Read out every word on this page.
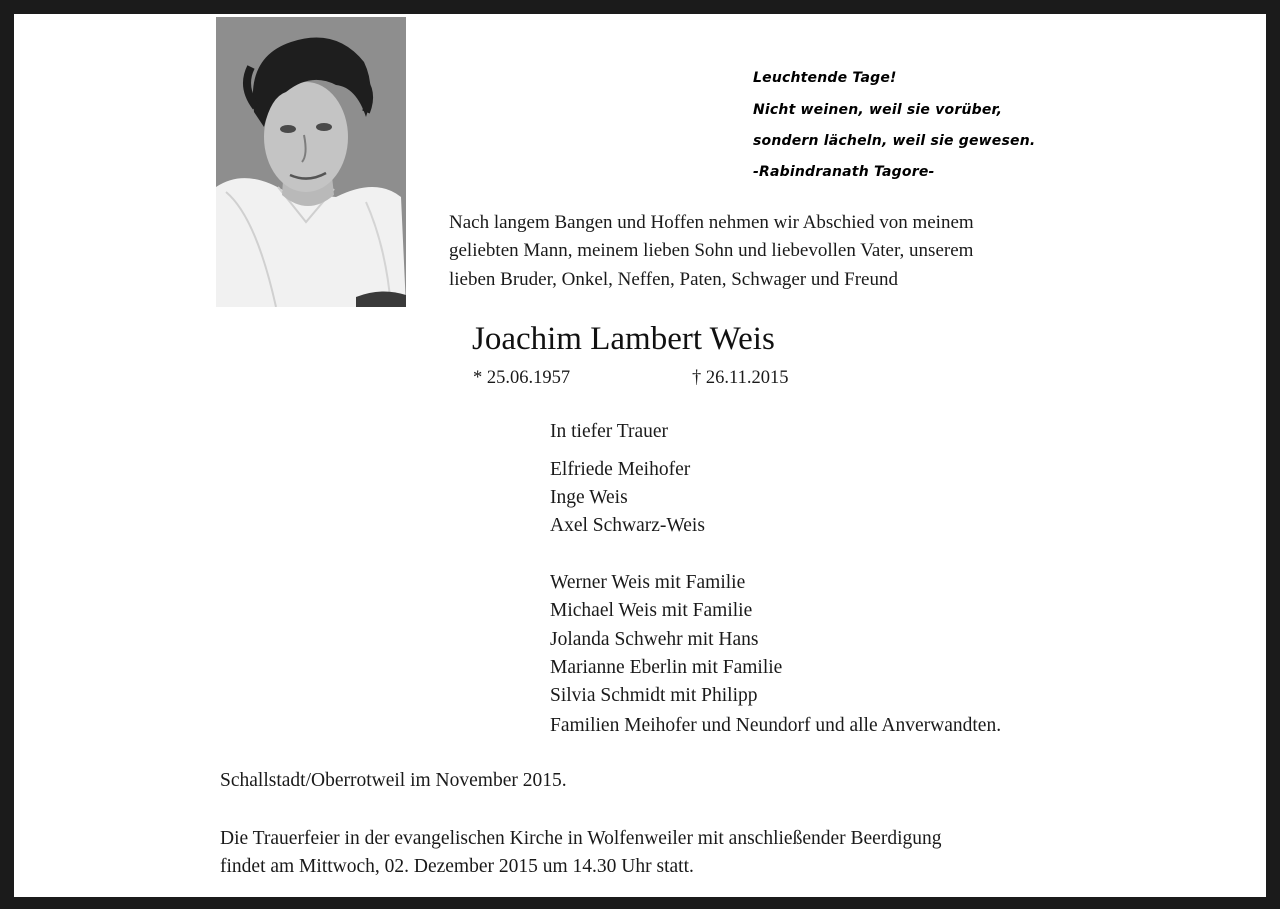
Leuchtende Tage!
Nicht weinen, weil sie vorüber,
sondern lächeln, weil sie gewesen.
-Rabindranath Tagore-
Nach langem Bangen und Hoffen nehmen wir Abschied von meinem
geliebten Mann, meinem lieben Sohn und liebevollen Vater, unserem
lieben Bruder, Onkel, Neffen, Paten, Schwager und Freund
Joachim Lambert Weis
* 25.06.1957	† 26.11.2015
In tiefer Trauer
Elfriede Meihofer
Inge Weis
Axel Schwarz-Weis
Werner Weis mit Familie
Michael Weis mit Familie
Jolanda Schwehr mit Hans
Marianne Eberlin mit Familie
Silvia Schmidt mit Philipp
Familien Meihofer und Neundorf und alle Anverwandten.
Schallstadt/Oberrotweil im November 2015.
Die Trauerfeier in der evangelischen Kirche in Wolfenweiler mit anschließender Beerdigung
findet am Mittwoch, 02. Dezember 2015 um 14.30 Uhr statt.
